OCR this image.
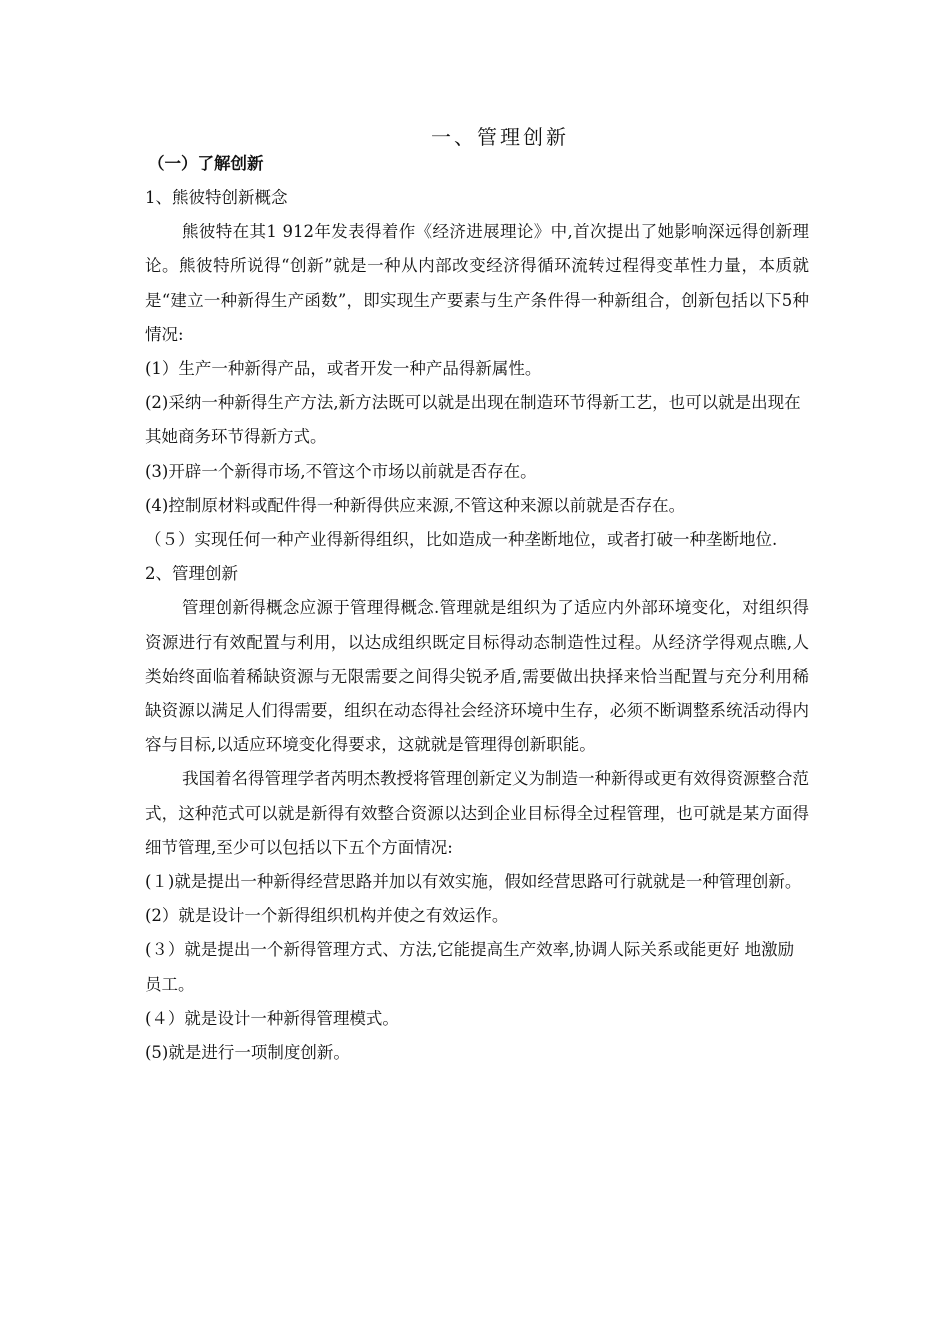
一、管理创新
（一）了解创新

1、熊彼特创新概念

熊彼特在其1 912年发表得着作《经济进展理论》中,首次提出了她影响深远得创新理论。熊彼特所说得“创新”就是一种从内部改变经济得循环流转过程得变革性力量，本质就是“建立一种新得生产函数”，即实现生产要素与生产条件得一种新组合，创新包括以下5种情况:

(1）生产一种新得产品，或者开发一种产品得新属性。

(2)采纳一种新得生产方法,新方法既可以就是出现在制造环节得新工艺，也可以就是出现在其她商务环节得新方式。

(3)开辟一个新得市场,不管这个市场以前就是否存在。

(4)控制原材料或配件得一种新得供应来源,不管这种来源以前就是否存在。

（５）实现任何一种产业得新得组织，比如造成一种垄断地位，或者打破一种垄断地位.

2、管理创新

管理创新得概念应源于管理得概念.管理就是组织为了适应内外部环境变化，对组织得资源进行有效配置与利用，以达成组织既定目标得动态制造性过程。从经济学得观点瞧,人类始终面临着稀缺资源与无限需要之间得尖锐矛盾,需要做出抉择来恰当配置与充分利用稀缺资源以满足人们得需要，组织在动态得社会经济环境中生存，必须不断调整系统活动得内容与目标,以适应环境变化得要求，这就就是管理得创新职能。

我国着名得管理学者芮明杰教授将管理创新定义为制造一种新得或更有效得资源整合范式，这种范式可以就是新得有效整合资源以达到企业目标得全过程管理，也可就是某方面得细节管理,至少可以包括以下五个方面情况:

(１)就是提出一种新得经营思路并加以有效实施，假如经营思路可行就就是一种管理创新。

(2）就是设计一个新得组织机构并使之有效运作。

(３）就是提出一个新得管理方式、方法,它能提高生产效率,协调人际关系或能更好 地激励员工。

(４）就是设计一种新得管理模式。

(5)就是进行一项制度创新。
